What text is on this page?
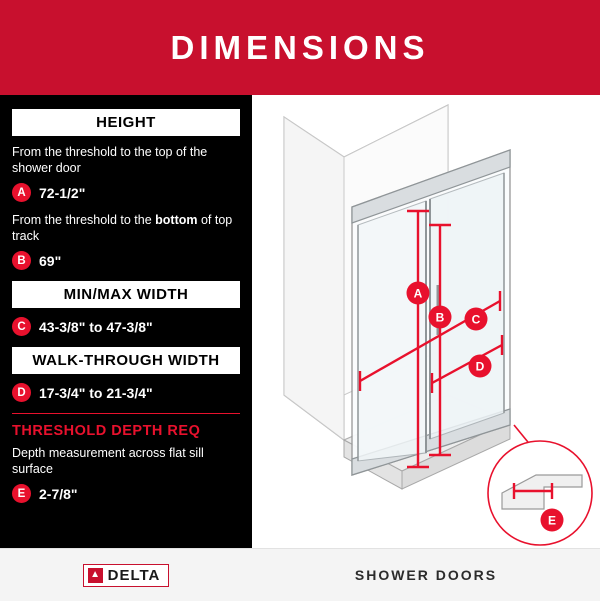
DIMENSIONS
HEIGHT

From the threshold to the top of the shower door

A 72-1/2"

From the threshold to the bottom of top track

B 69"
MIN/MAX WIDTH
C 43-3/8" to 47-3/8"
WALK-THROUGH WIDTH
D 17-3/4" to 21-3/4"
THRESHOLD DEPTH REQ

Depth measurement across flat sill surface

E 2-7/8"
A
B C
D
E
▲ DELTA	SHOWER DOORS
